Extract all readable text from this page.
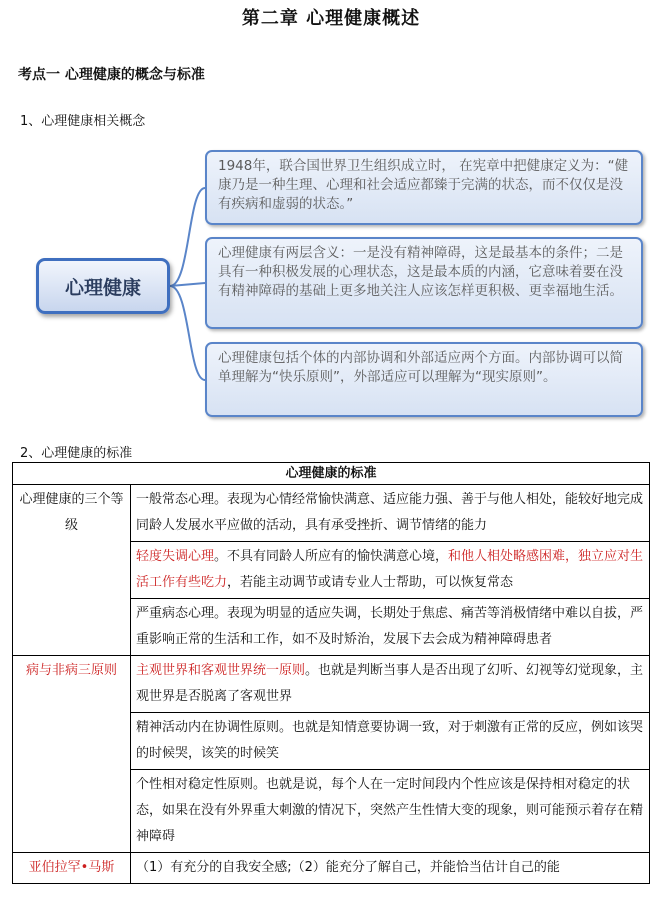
第二章 心理健康概述
考点一 心理健康的概念与标准
1、心理健康相关概念
心理健康
1948年，联合国世界卫生组织成立时， 在宪章中把健康定义为：“健康乃是一种生理、心理和社会适应都臻于完满的状态，而不仅仅是没有疾病和虚弱的状态。”
心理健康有两层含义：一是没有精神障碍，这是最基本的条件；二是具有一种积极发展的心理状态，这是最本质的内涵，它意味着要在没有精神障碍的基础上更多地关注人应该怎样更积极、更幸福地生活。
心理健康包括个体的内部协调和外部适应两个方面。内部协调可以简单理解为“快乐原则”，外部适应可以理解为“现实原则”。
2、心理健康的标准
心理健康的标准	
心理健康的三个等级	一般常态心理。表现为心情经常愉快满意、适应能力强、善于与他人相处，能较好地完成同龄人发展水平应做的活动，具有承受挫折、调节情绪的能力
	轻度失调心理。不具有同龄人所应有的愉快满意心境，和他人相处略感困难，独立应对生活工作有些吃力，若能主动调节或请专业人士帮助，可以恢复常态
	严重病态心理。表现为明显的适应失调，长期处于焦虑、痛苦等消极情绪中难以自拔，严重影响正常的生活和工作，如不及时矫治，发展下去会成为精神障碍患者
病与非病三原则	主观世界和客观世界统一原则。也就是判断当事人是否出现了幻听、幻视等幻觉现象，主观世界是否脱离了客观世界
	精神活动内在协调性原则。也就是知情意要协调一致，对于刺激有正常的反应，例如该哭的时候哭，该笑的时候笑
	个性相对稳定性原则。也就是说，每个人在一定时间段内个性应该是保持相对稳定的状态，如果在没有外界重大刺激的情况下，突然产生性情大变的现象，则可能预示着存在精神障碍
亚伯拉罕•马斯	（1）有充分的自我安全感;（2）能充分了解自己，并能恰当估计自己的能
